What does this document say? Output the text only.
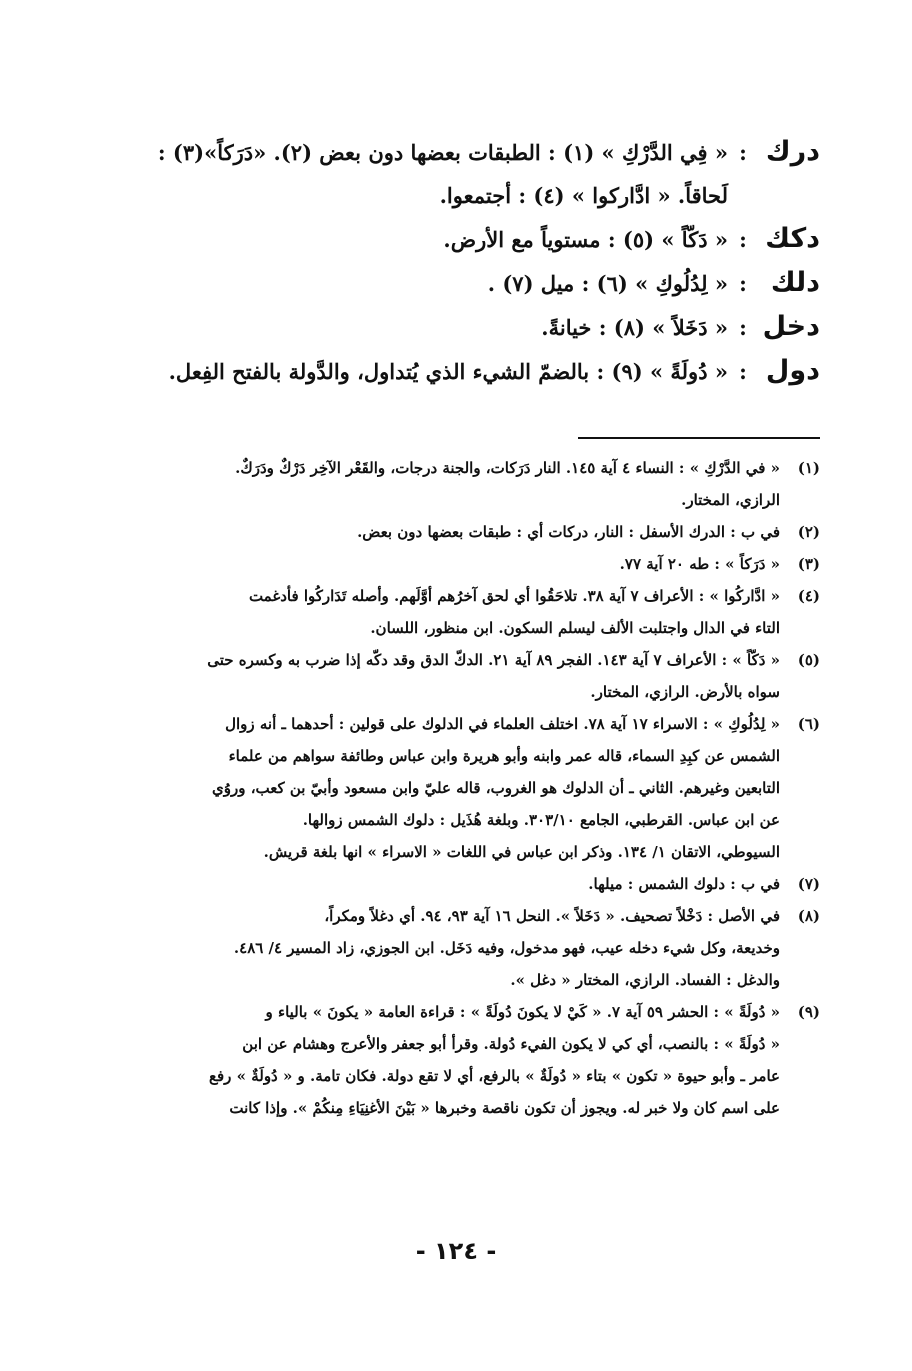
درك
:
« فِي الدَّرْكِ » (١) : الطبقات بعضها دون بعض (٢). «دَرَكاً»(٣) :
لَحاقاً. « ادَّاركوا » (٤) : أجتمعوا.
دكك
:
« دَكّاً » (٥) : مستوياً مع الأرض.
دلك
:
« لِدُلُوكِ » (٦) : ميل (٧) .
دخل
:
« دَخَلاً » (٨) : خيانةً.
دول
:
« دُولَةً » (٩) : بالضمّ الشيء الذي يُتداول، والدَّولة بالفتح الفِعل.
(١)
« في الدَّرْكِ » : النساء ٤ آية ١٤٥. النار دَرَكات، والجنة درجات، والقَعْر الآخِر دَرْكٌ ودَرَكٌ.
الرازي، المختار.
(٢)
في ب : الدرك الأسفل : النار، دركات أي : طبقات بعضها دون بعض.
(٣)
« دَرَكاً » : طه ٢٠ آية ٧٧.
(٤)
« ادَّاركُوا » : الأعراف ٧ آية ٣٨. تلاحَقُوا أي لحق آخرُهم أوَّلَهم. وأصله تَدَاركُوا فأدغمت
التاء في الدال واجتلبت الألف ليسلم السكون. ابن منظور، اللسان.
(٥)
« دَكّاً » : الأعراف ٧ آية ١٤٣. الفجر ٨٩ آية ٢١. الدكّ الدق وقد دكّه إذا ضرب به وكسره حتى
سواه بالأرض. الرازي، المختار.
(٦)
« لِدُلُوكِ » : الاسراء ١٧ آية ٧٨. اختلف العلماء في الدلوك على قولين : أحدهما ـ أنه زوال
الشمس عن كبِدِ السماء، قاله عمر وابنه وأبو هريرة وابن عباس وطائفة سواهم من علماء
التابعين وغيرهم. الثاني ـ أن الدلوك هو الغروب، قاله عليّ وابن مسعود وأبيّ بن كعب، وروُي
عن ابن عباس. القرطبي، الجامع ٣٠٣/١٠. وبلغة هُذَيل : دلوك الشمس زوالها.
السيوطي، الاتقان ١/ ١٣٤. وذكر ابن عباس في اللغات « الاسراء » انها بلغة قريش.
(٧)
في ب : دلوك الشمس : ميلها.
(٨)
في الأصل : دَخْلاً تصحيف. « دَخَلاً ». النحل ١٦ آية ٩٣، ٩٤. أي دغلاً ومكراً،
وخديعة، وكل شيء دخله عيب، فهو مدخول، وفيه دَخَل. ابن الجوزي، زاد المسير ٤/ ٤٨٦.
والدغل : الفساد. الرازي، المختار « دغل ».
(٩)
« دُولَةً » : الحشر ٥٩ آية ٧. « كَيْ لا يكونَ دُولَةً » : قراءة العامة « يكونَ » بالياء و
« دُولَةً » : بالنصب، أي كي لا يكون الفيء دُولة. وقرأ أبو جعفر والأعرج وهشام عن ابن
عامر ـ وأبو حيوة « تكون » بتاء « دُولَةٌ » بالرفع، أي لا تقع دولة. فكان تامة. و « دُولَةٌ » رفع
على اسم كان ولا خبر له. ويجوز أن تكون ناقصة وخبرها « بَيْنَ الأغنِيَاءِ مِنكُمْ ». وإذا كانت
- ١٢٤ -
